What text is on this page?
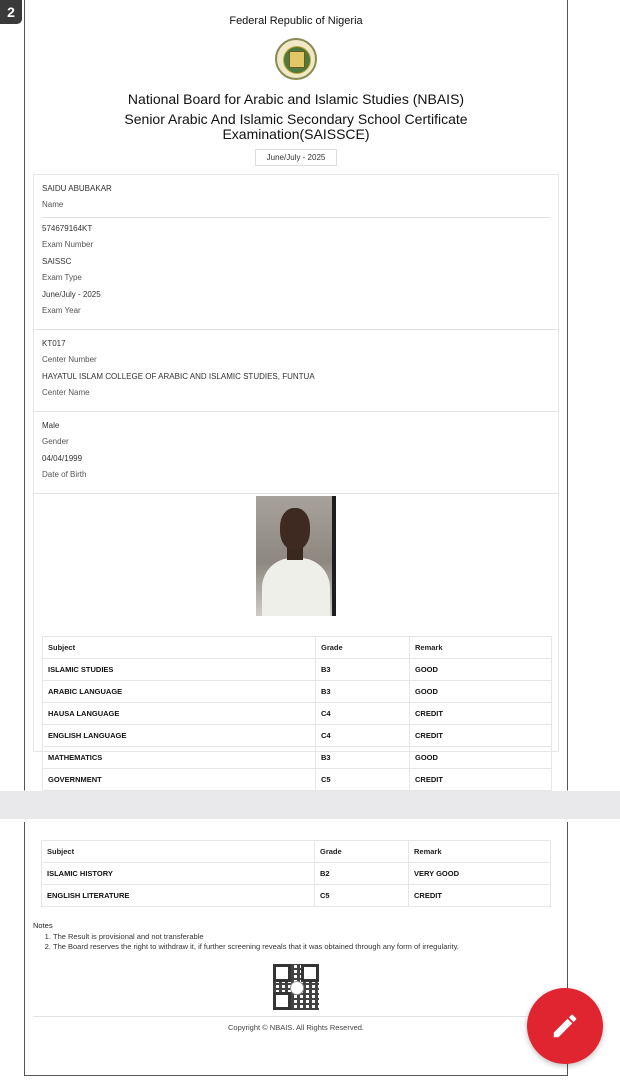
2
Federal Republic of Nigeria
National Board for Arabic and Islamic Studies (NBAIS)
Senior Arabic And Islamic Secondary School Certificate
Examination(SAISSCE)
June/July - 2025
SAIDU ABUBAKAR
Name
574679164KT
Exam Number
SAISSC
Exam Type
June/July - 2025
Exam Year
KT017
Center Number
HAYATUL ISLAM COLLEGE OF ARABIC AND ISLAMIC STUDIES, FUNTUA
Center Name
Male
Gender
04/04/1999
Date of Birth
Subject	Grade	Remark
ISLAMIC STUDIES	B3	GOOD
ARABIC LANGUAGE	B3	GOOD
HAUSA LANGUAGE	C4	CREDIT
ENGLISH LANGUAGE	C4	CREDIT
MATHEMATICS	B3	GOOD
GOVERNMENT	C5	CREDIT

Subject	Grade	Remark
ISLAMIC HISTORY	B2	VERY GOOD
ENGLISH LITERATURE	C5	CREDIT
Notes
1. The Result is provisional and not transferable
2. The Board reserves the right to withdraw it, if further screening reveals that it was obtained through any form of irregularity.
Copyright © NBAIS. All Rights Reserved.
